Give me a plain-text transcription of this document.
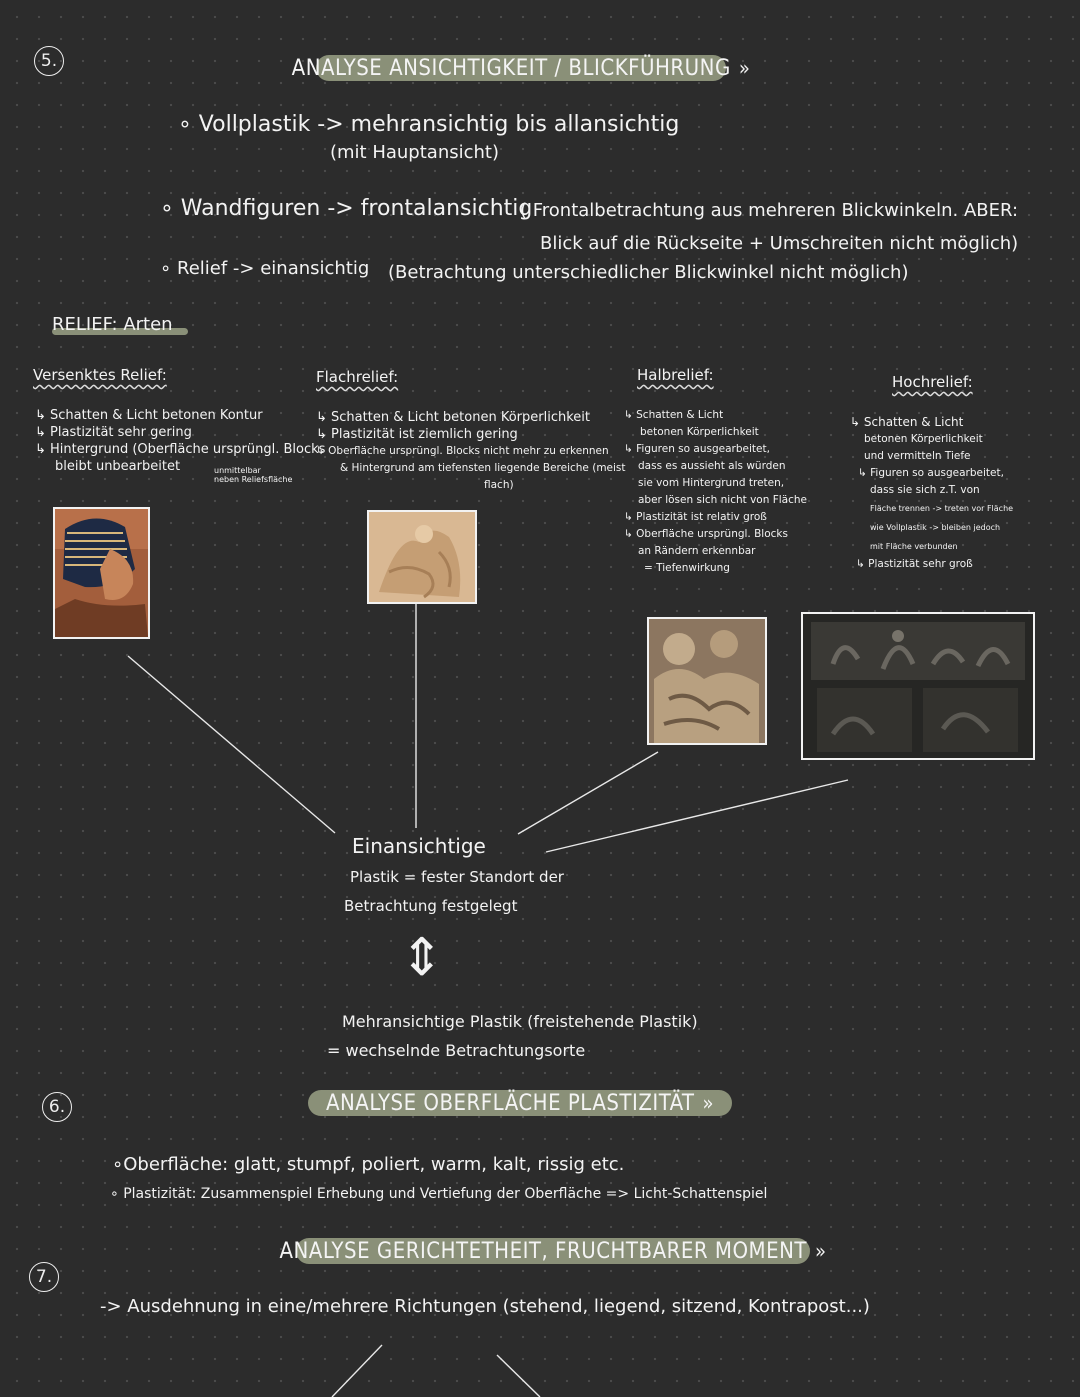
5.	ANALYSE ANSICHTIGKEIT / BLICKFÜHRUNG »
∘ Vollplastik -> mehransichtig bis allansichtig
(mit Hauptansicht)
∘ Wandfiguren -> frontalansichtig
( Frontalbetrachtung aus mehreren Blickwinkeln. ABER:
Blick auf die Rückseite + Umschreiten nicht möglich)
∘ Relief -> einansichtig (Betrachtung unterschiedlicher Blickwinkel nicht möglich)
RELIEF: Arten
Versenktes Relief:
↳ Schatten & Licht betonen Kontur
↳ Plastizität sehr gering
↳ Hintergrund (Oberfläche ursprüngl. Blocks
bleibt unbearbeitet	unmittelbar
neben Reliefsfläche
Flachrelief:
↳ Schatten & Licht betonen Körperlichkeit
↳ Plastizität ist ziemlich gering
↳ Oberfläche ursprüngl. Blocks nicht mehr zu erkennen
& Hintergrund am tiefensten liegende Bereiche (meist
flach)
Halbrelief:
↳ Schatten & Licht
betonen Körperlichkeit
↳ Figuren so ausgearbeitet,
dass es aussieht als würden
sie vom Hintergrund treten,
aber lösen sich nicht von Fläche
↳ Plastizität ist relativ groß
↳ Oberfläche ursprüngl. Blocks
an Rändern erkennbar
= Tiefenwirkung
Hochrelief:
↳ Schatten & Licht
betonen Körperlichkeit
und vermitteln Tiefe
↳ Figuren so ausgearbeitet,
dass sie sich z.T. von
Fläche trennen -> treten vor Fläche
wie Vollplastik -> bleiben jedoch
mit Fläche verbunden
↳ Plastizität sehr groß
Einansichtige
Plastik = fester Standort der
Betrachtung festgelegt
⇕
Mehransichtige Plastik (freistehende Plastik)
= wechselnde Betrachtungsorte
6.	ANALYSE OBERFLÄCHE PLASTIZITÄT »
∘Oberfläche: glatt, stumpf, poliert, warm, kalt, rissig etc.
∘ Plastizität: Zusammenspiel Erhebung und Vertiefung der Oberfläche => Licht-Schattenspiel
7.
ANALYSE GERICHTETHEIT, FRUCHTBARER MOMENT »
-> Ausdehnung in eine/mehrere Richtungen (stehend, liegend, sitzend, Kontrapost...)
